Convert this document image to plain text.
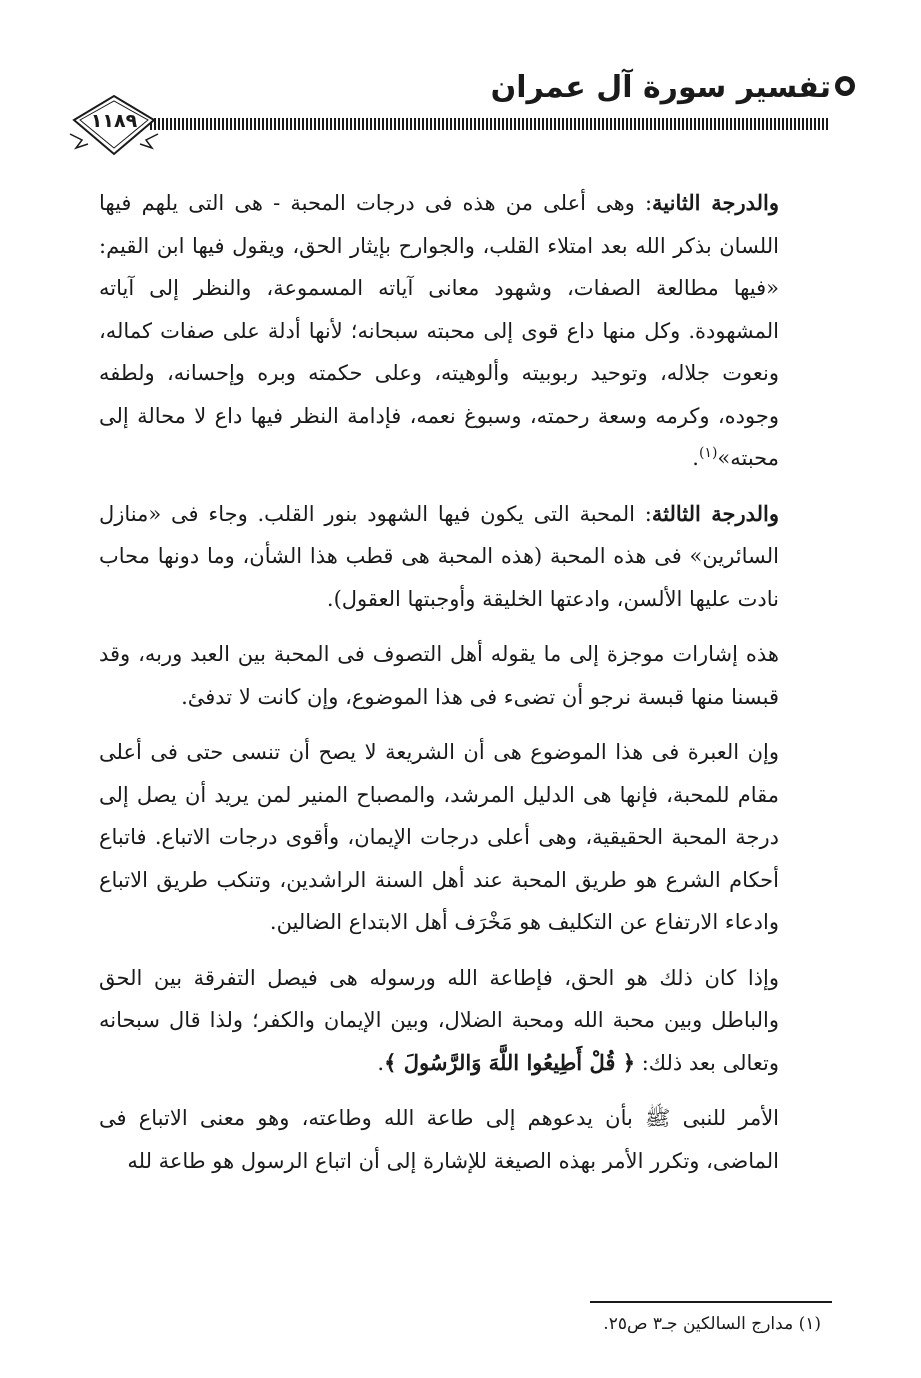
تفسير سورة آل عمران
١١٨٩

والدرجة الثانية: وهى أعلى من هذه فى درجات المحبة - هى التى يلهم فيها اللسان بذكر الله بعد امتلاء القلب، والجوارح بإيثار الحق، ويقول فيها ابن القيم: «فيها مطالعة الصفات، وشهود معانى آياته المسموعة، والنظر إلى آياته المشهودة. وكل منها داع قوى إلى محبته سبحانه؛ لأنها أدلة على صفات كماله، ونعوت جلاله، وتوحيد ربوبيته وألوهيته، وعلى حكمته وبره وإحسانه، ولطفه وجوده، وكرمه وسعة رحمته، وسبوغ نعمه، فإدامة النظر فيها داع لا محالة إلى محبته»$^{(١)}$.

والدرجة الثالثة: المحبة التى يكون فيها الشهود بنور القلب. وجاء فى «منازل السائرين» فى هذه المحبة (هذه المحبة هى قطب هذا الشأن، وما دونها محاب نادت عليها الألسن، وادعتها الخليقة وأوجبتها العقول).

هذه إشارات موجزة إلى ما يقوله أهل التصوف فى المحبة بين العبد وربه، وقد قبسنا منها قبسة نرجو أن تضىء فى هذا الموضوع، وإن كانت لا تدفئ.

وإن العبرة فى هذا الموضوع هى أن الشريعة لا يصح أن تنسى حتى فى أعلى مقام للمحبة، فإنها هى الدليل المرشد، والمصباح المنير لمن يريد أن يصل إلى درجة المحبة الحقيقية، وهى أعلى درجات الإيمان، وأقوى درجات الاتباع. فاتباع أحكام الشرع هو طريق المحبة عند أهل السنة الراشدين، وتنكب طريق الاتباع وادعاء الارتفاع عن التكليف هو مَخْرَف أهل الابتداع الضالين.

وإذا كان ذلك هو الحق، فإطاعة الله ورسوله هى فيصل التفرقة بين الحق والباطل وبين محبة الله ومحبة الضلال، وبين الإيمان والكفر؛ ولذا قال سبحانه وتعالى بعد ذلك: ﴿ قُلْ أَطِيعُوا اللَّهَ وَالرَّسُولَ ﴾.

الأمر للنبى ﷺ بأن يدعوهم إلى طاعة الله وطاعته، وهو معنى الاتباع فى الماضى، وتكرر الأمر بهذه الصيغة للإشارة إلى أن اتباع الرسول هو طاعة لله

(١) مدارج السالكين جـ٣ ص٢٥.
